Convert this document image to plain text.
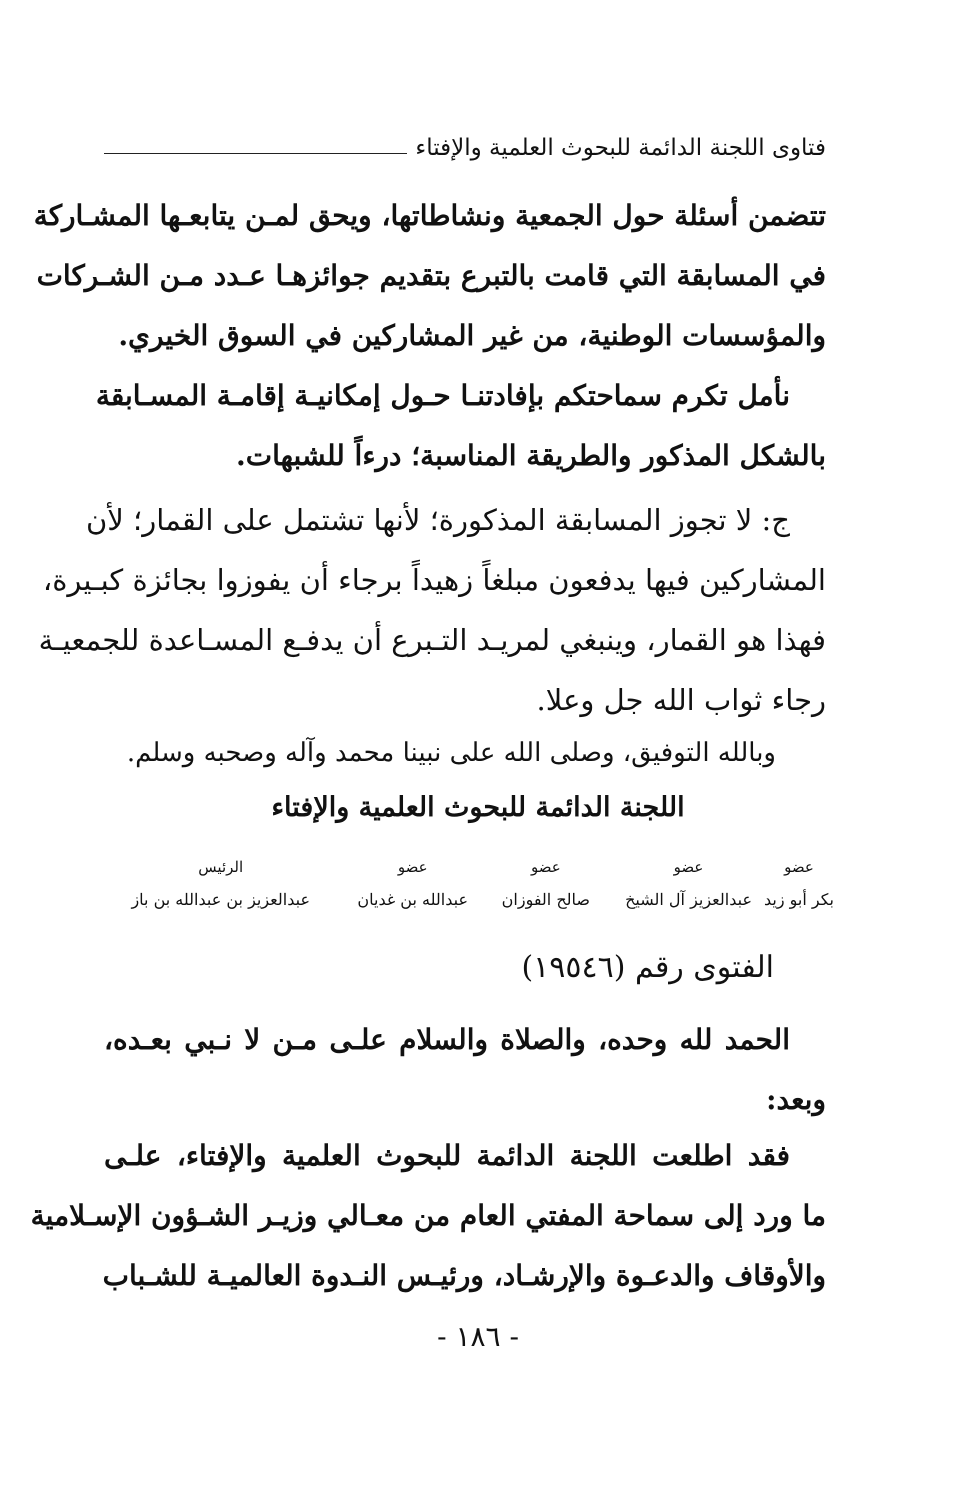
فتاوى اللجنة الدائمة للبحوث العلمية والإفتاء
تتضمن أسئلة حول الجمعية ونشاطاتها، ويحق لمـن يتابعـها المشـاركة
في المسابقة التي قامت بالتبرع بتقديم جوائزهـا عـدد مـن الشـركات
والمؤسسات الوطنية، من غير المشاركين في السوق الخيري.
نأمل تكرم سماحتكم بإفادتنـا حـول إمكانيـة إقامـة المسـابقة
بالشكل المذكور والطريقة المناسبة؛ درءاً للشبهات.
ج: لا تجوز المسابقة المذكورة؛ لأنها تشتمل على القمار؛ لأن
المشاركين فيها يدفعون مبلغاً زهيداً برجاء أن يفوزوا بجائزة كبـيرة،
فهذا هو القمار، وينبغي لمريـد التـبرع أن يدفـع المسـاعدة للجمعيـة
رجاء ثواب الله جل وعلا.
وبالله التوفيق، وصلى الله على نبينا محمد وآله وصحبه وسلم.
اللجنة الدائمة للبحوث العلمية والإفتاء
عضو
بكر أبو زيد
عضو
عبدالعزيز آل الشيخ
عضو
صالح الفوزان
عضو
عبدالله بن غديان
الرئيس
عبدالعزيز بن عبدالله بن باز
الفتوى رقم (١٩٥٤٦)
الحمد لله وحده، والصلاة والسلام علـى مـن لا نـبي بعـده،
وبعد:
فقد اطلعت اللجنة الدائمة للبحوث العلمية والإفتاء، علـى
ما ورد إلى سماحة المفتي العام من معـالي وزيـر الشـؤون الإسـلامية
والأوقاف والدعـوة والإرشـاد، ورئيـس النـدوة العالميـة للشـباب
- ١٨٦ -
